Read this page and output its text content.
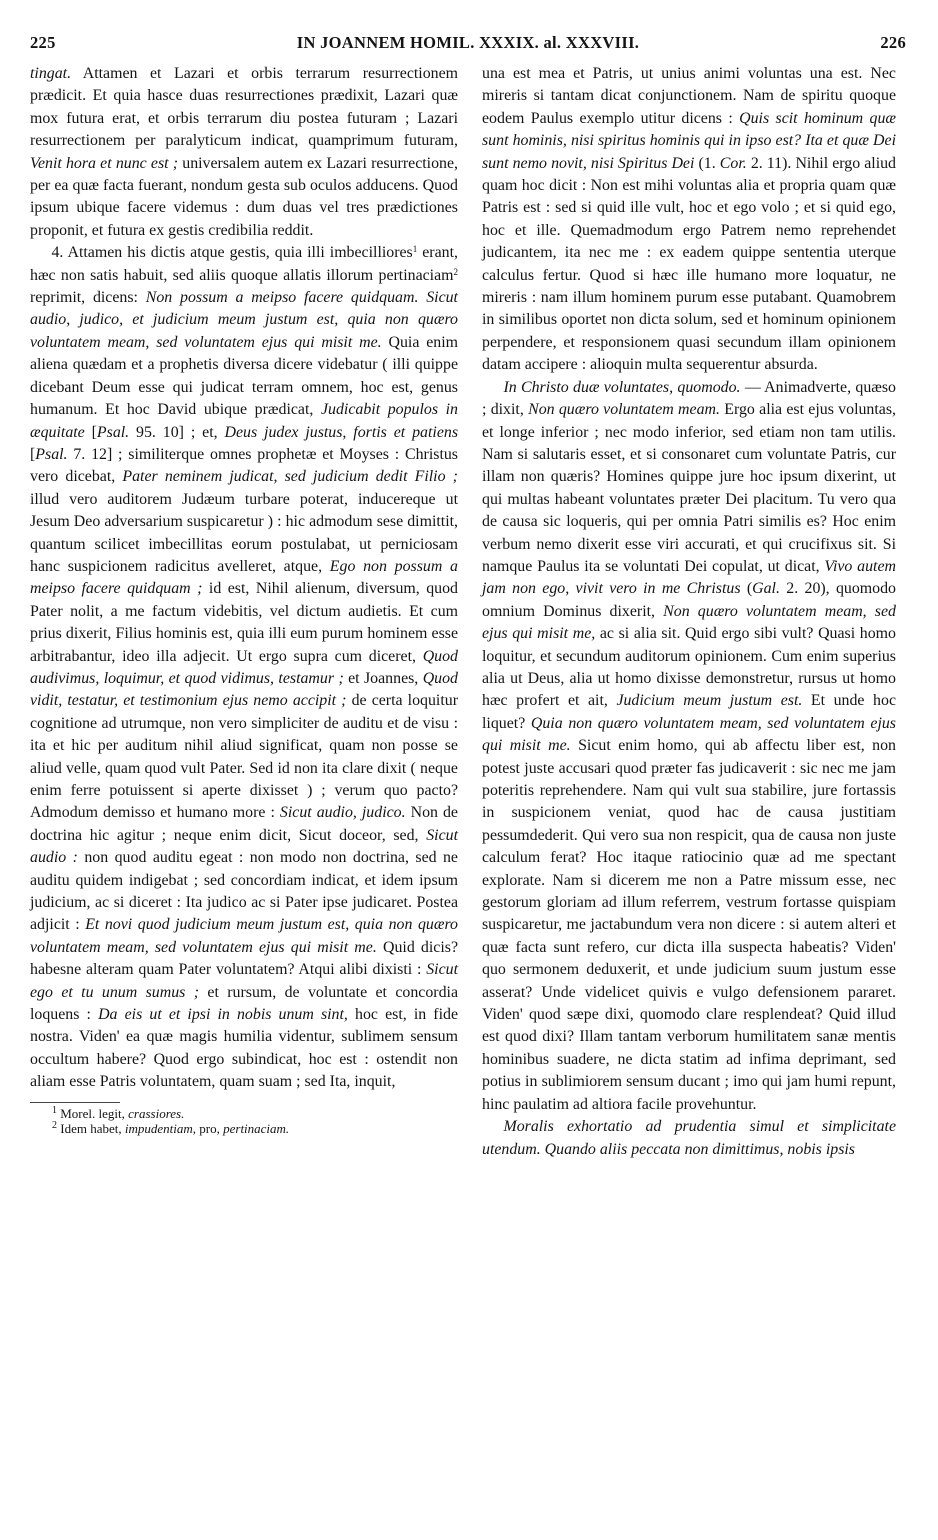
225	IN JOANNEM HOMIL. XXXIX. al. XXXVIII.	226

tingat. Attamen et Lazari et orbis terrarum resurrectionem prædicit. Et quia hasce duas resurrectiones prædixit, Lazari quæ mox futura erat, et orbis terrarum diu postea futuram ; Lazari resurrectionem per paralyticum indicat, quamprimum futuram, Venit hora et nunc est ; universalem autem ex Lazari resurrectione, per ea quæ facta fuerant, nondum gesta sub oculos adducens. Quod ipsum ubique facere videmus : dum duas vel tres prædictiones proponit, et futura ex gestis credibilia reddit.

4. Attamen his dictis atque gestis, quia illi imbecilliores$^1$ erant, hæc non satis habuit, sed aliis quoque allatis illorum pertinaciam$^2$ reprimit, dicens: Non possum a meipso facere quidquam. Sicut audio, judico, et judicium meum justum est, quia non quæro voluntatem meam, sed voluntatem ejus qui misit me. Quia enim aliena quædam et a prophetis diversa dicere videbatur ( illi quippe dicebant Deum esse qui judicat terram omnem, hoc est, genus humanum. Et hoc David ubique prædicat, Judicabit populos in æquitate [Psal. 95. 10] ; et, Deus judex justus, fortis et patiens [Psal. 7. 12] ; similiterque omnes prophetæ et Moyses : Christus vero dicebat, Pater neminem judicat, sed judicium dedit Filio ; illud vero auditorem Judæum turbare poterat, inducereque ut Jesum Deo adversarium suspicaretur ) : hic admodum sese dimittit, quantum scilicet imbecillitas eorum postulabat, ut perniciosam hanc suspicionem radicitus avelleret, atque, Ego non possum a meipso facere quidquam ; id est, Nihil alienum, diversum, quod Pater nolit, a me factum videbitis, vel dictum audietis. Et cum prius dixerit, Filius hominis est, quia illi eum purum hominem esse arbitrabantur, ideo illa adjecit. Ut ergo supra cum diceret, Quod audivimus, loquimur, et quod vidimus, testamur ; et Joannes, Quod vidit, testatur, et testimonium ejus nemo accipit ; de certa loquitur cognitione ad utrumque, non vero simpliciter de auditu et de visu : ita et hic per auditum nihil aliud significat, quam non posse se aliud velle, quam quod vult Pater. Sed id non ita clare dixit ( neque enim ferre potuissent si aperte dixisset ) ; verum quo pacto? Admodum demisso et humano more : Sicut audio, judico. Non de doctrina hic agitur ; neque enim dicit, Sicut doceor, sed, Sicut audio : non quod auditu egeat : non modo non doctrina, sed ne auditu quidem indigebat ; sed concordiam indicat, et idem ipsum judicium, ac si diceret : Ita judico ac si Pater ipse judicaret. Postea adjicit : Et novi quod judicium meum justum est, quia non quæro voluntatem meam, sed voluntatem ejus qui misit me. Quid dicis? habesne alteram quam Pater voluntatem? Atqui alibi dixisti : Sicut ego et tu unum sumus ; et rursum, de voluntate et concordia loquens : Da eis ut et ipsi in nobis unum sint, hoc est, in fide nostra. Viden' ea quæ magis humilia videntur, sublimem sensum occultum habere? Quod ergo subindicat, hoc est : ostendit non aliam esse Patris voluntatem, quam suam ; sed Ita, inquit,

$^1$ Morel. legit, crassiores.
$^2$ Idem habet, impudentiam, pro, pertinaciam.

una est mea et Patris, ut unius animi voluntas una est. Nec mireris si tantam dicat conjunctionem. Nam de spiritu quoque eodem Paulus exemplo utitur dicens : Quis scit hominum quæ sunt hominis, nisi spiritus hominis qui in ipso est? Ita et quæ Dei sunt nemo novit, nisi Spiritus Dei (1. Cor. 2. 11). Nihil ergo aliud quam hoc dicit : Non est mihi voluntas alia et propria quam quæ Patris est : sed si quid ille vult, hoc et ego volo ; et si quid ego, hoc et ille. Quemadmodum ergo Patrem nemo reprehendet judicantem, ita nec me : ex eadem quippe sententia uterque calculus fertur. Quod si hæc ille humano more loquatur, ne mireris : nam illum hominem purum esse putabant. Quamobrem in similibus oportet non dicta solum, sed et hominum opinionem perpendere, et responsionem quasi secundum illam opinionem datam accipere : alioquin multa sequerentur absurda.

In Christo duæ voluntates, quomodo. — Animadverte, quæso ; dixit, Non quæro voluntatem meam. Ergo alia est ejus voluntas, et longe inferior ; nec modo inferior, sed etiam non tam utilis. Nam si salutaris esset, et si consonaret cum voluntate Patris, cur illam non quæris? Homines quippe jure hoc ipsum dixerint, ut qui multas habeant voluntates præter Dei placitum. Tu vero qua de causa sic loqueris, qui per omnia Patri similis es? Hoc enim verbum nemo dixerit esse viri accurati, et qui crucifixus sit. Si namque Paulus ita se voluntati Dei copulat, ut dicat, Vivo autem jam non ego, vivit vero in me Christus (Gal. 2. 20), quomodo omnium Dominus dixerit, Non quæro voluntatem meam, sed ejus qui misit me, ac si alia sit. Quid ergo sibi vult? Quasi homo loquitur, et secundum auditorum opinionem. Cum enim superius alia ut Deus, alia ut homo dixisse demonstretur, rursus ut homo hæc profert et ait, Judicium meum justum est. Et unde hoc liquet? Quia non quæro voluntatem meam, sed voluntatem ejus qui misit me. Sicut enim homo, qui ab affectu liber est, non potest juste accusari quod præter fas judicaverit : sic nec me jam poteritis reprehendere. Nam qui vult sua stabilire, jure fortassis in suspicionem veniat, quod hac de causa justitiam pessumdederit. Qui vero sua non respicit, qua de causa non juste calculum ferat? Hoc itaque ratiocinio quæ ad me spectant explorate. Nam si dicerem me non a Patre missum esse, nec gestorum gloriam ad illum referrem, vestrum fortasse quispiam suspicaretur, me jactabundum vera non dicere : si autem alteri et quæ facta sunt refero, cur dicta illa suspecta habeatis? Viden' quo sermonem deduxerit, et unde judicium suum justum esse asserat? Unde videlicet quivis e vulgo defensionem pararet. Viden' quod sæpe dixi, quomodo clare resplendeat? Quid illud est quod dixi? Illam tantam verborum humilitatem sanæ mentis hominibus suadere, ne dicta statim ad infima deprimant, sed potius in sublimiorem sensum ducant ; imo qui jam humi repunt, hinc paulatim ad altiora facile provehuntur.

Moralis exhortatio ad prudentia simul et simplicitate utendum. Quando aliis peccata non dimittimus, nobis ipsis
